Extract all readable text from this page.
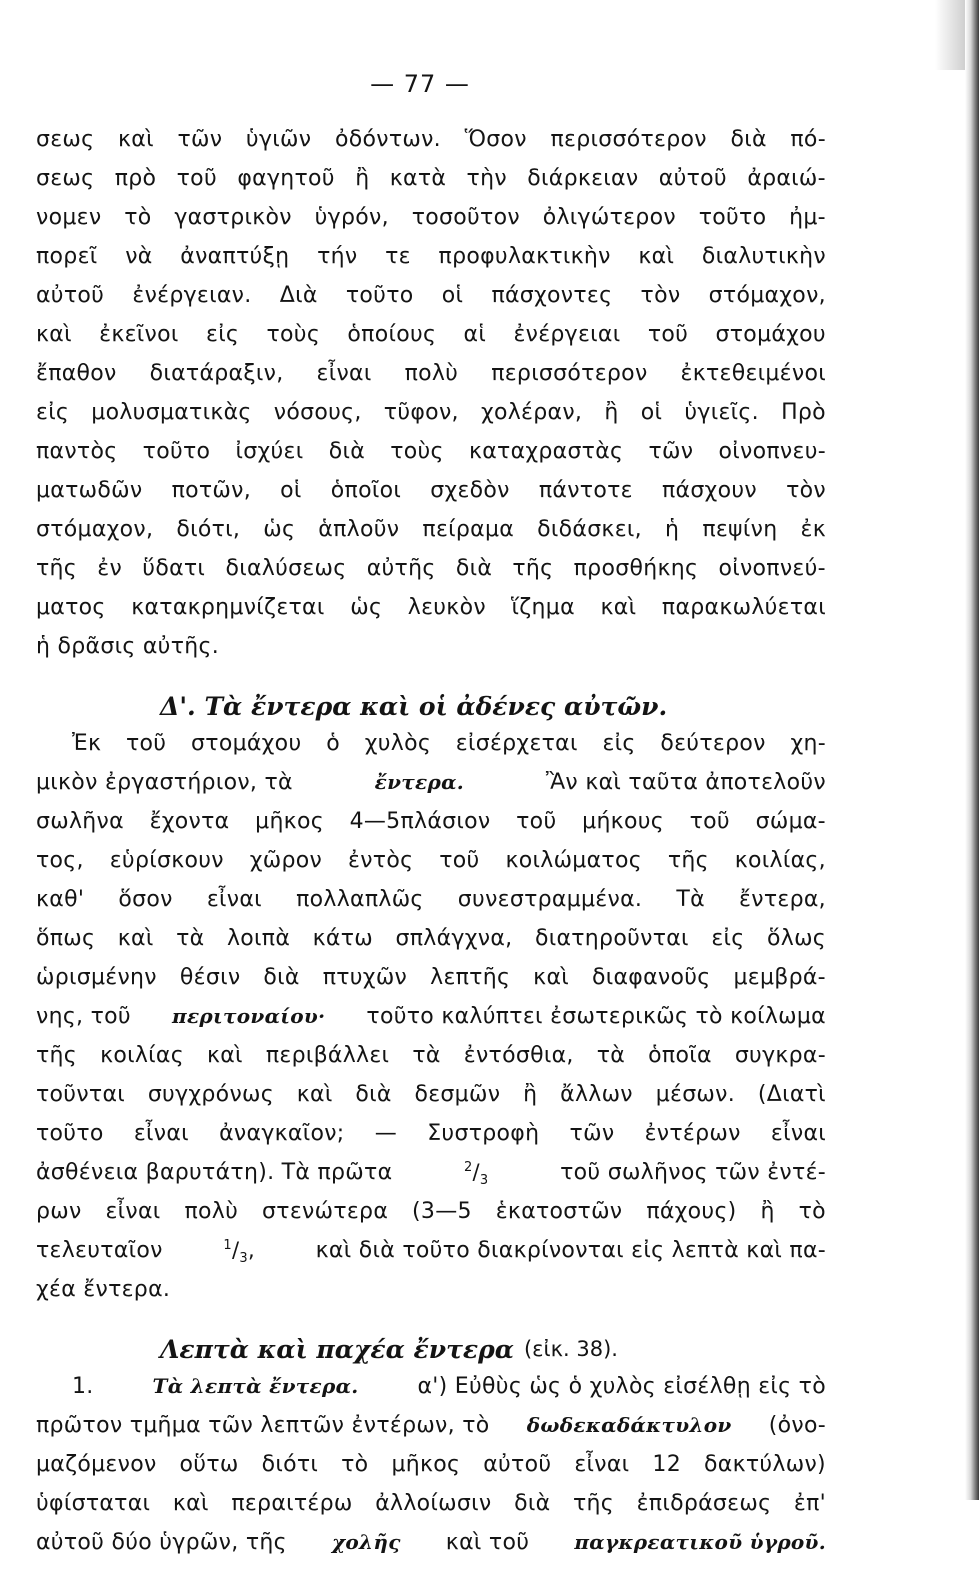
— 77 —
σεως καὶ τῶν ὑγιῶν ὀδόντων. Ὅσον περισσότερον διὰ πό-
σεως πρὸ τοῦ φαγητοῦ ἢ κατὰ τὴν διάρκειαν αὐτοῦ ἀραιώ-
νομεν τὸ γαστρικὸν ὑγρόν, τοσοῦτον ὀλιγώτερον τοῦτο ἠμ-
πορεῖ νὰ ἀναπτύξῃ τήν τε προφυλακτικὴν καὶ διαλυτικὴν
αὐτοῦ ἐνέργειαν. Διὰ τοῦτο οἱ πάσχοντες τὸν στόμαχον,
καὶ ἐκεῖνοι εἰς τοὺς ὁποίους αἱ ἐνέργειαι τοῦ στομάχου
ἔπαθον διατάραξιν, εἶναι πολὺ περισσότερον ἐκτεθειμένοι
εἰς μολυσματικὰς νόσους, τῦφον, χολέραν, ἢ οἱ ὑγιεῖς. Πρὸ
παντὸς τοῦτο ἰσχύει διὰ τοὺς καταχραστὰς τῶν οἰνοπνευ-
ματωδῶν ποτῶν, οἱ ὁποῖοι σχεδὸν πάντοτε πάσχουν τὸν
στόμαχον, διότι, ὡς ἁπλοῦν πείραμα διδάσκει, ἡ πεψίνη ἐκ
τῆς ἐν ὕδατι διαλύσεως αὐτῆς διὰ τῆς προσθήκης οἰνοπνεύ-
ματος κατακρημνίζεται ὡς λευκὸν ἵζημα καὶ παρακωλύεται
ἡ δρᾶσις αὐτῆς.
Δ'. Τὰ ἔντερα καὶ οἱ ἀδένες αὐτῶν.
Ἐκ τοῦ στομάχου ὁ χυλὸς εἰσέρχεται εἰς δεύτερον χη-
μικὸν ἐργαστήριον, τὰ	ἔντερα.	Ἂν καὶ ταῦτα ἀποτελοῦν
σωλῆνα ἔχοντα μῆκος 4—5πλάσιον τοῦ μήκους τοῦ σώμα-
τος, εὑρίσκουν χῶρον ἐντὸς τοῦ κοιλώματος τῆς κοιλίας,
καθ' ὅσον εἶναι πολλαπλῶς συνεστραμμένα. Τὰ ἔντερα,
ὅπως καὶ τὰ λοιπὰ κάτω σπλάγχνα, διατηροῦνται εἰς ὅλως
ὡρισμένην θέσιν διὰ πτυχῶν λεπτῆς καὶ διαφανοῦς μεμβρά-
νης, τοῦ περιτοναίου· τοῦτο καλύπτει ἐσωτερικῶς τὸ κοίλωμα
τῆς κοιλίας καὶ περιβάλλει τὰ ἐντόσθια, τὰ ὁποῖα συγκρα-
τοῦνται συγχρόνως καὶ διὰ δεσμῶν ἢ ἄλλων μέσων. (Διατὶ
τοῦτο εἶναι ἀναγκαῖον; — Συστροφὴ τῶν ἐντέρων εἶναι
ἀσθένεια βαρυτάτη). Τὰ πρῶτα	$^2/_3$	τοῦ σωλῆνος τῶν ἐντέ-
ρων εἶναι πολὺ στενώτερα (3—5 ἑκατοστῶν πάχους) ἢ τὸ
τελευταῖον	$^1/_3$,	καὶ διὰ τοῦτο διακρίνονται εἰς λεπτὰ καὶ πα-
χέα ἔντερα.
Λεπτὰ καὶ παχέα ἔντερα (εἰκ. 38).
1.	Τὰ λεπτὰ ἔντερα.	α') Εὐθὺς ὡς ὁ χυλὸς εἰσέλθῃ εἰς τὸ
πρῶτον τμῆμα τῶν λεπτῶν ἐντέρων, τὸ δωδεκαδάκτυλον (ὀνο-
μαζόμενον οὕτω διότι τὸ μῆκος αὐτοῦ εἶναι 12 δακτύλων)
ὑφίσταται καὶ περαιτέρω ἀλλοίωσιν διὰ τῆς ἐπιδράσεως ἐπ'
αὐτοῦ δύο ὑγρῶν, τῆς χολῆς καὶ τοῦ παγκρεατικοῦ ὑγροῦ.
